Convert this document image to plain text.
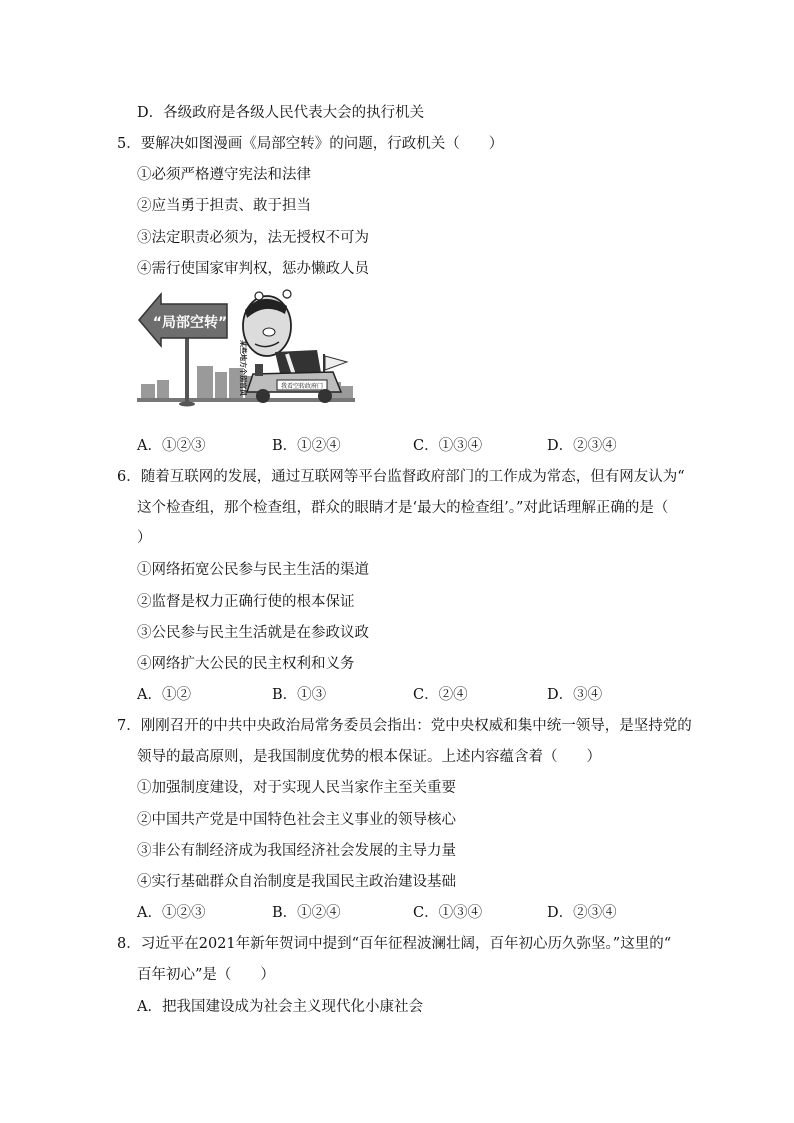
D．各级政府是各级人民代表大会的执行机关
5．要解决如图漫画《局部空转》的问题，行政机关（　　）
①必须严格遵守宪法和法律
②应当勇于担责、敢于担当
③法定职责必须为，法无授权不可为
④需行使国家审判权，惩办懒政人员
“局部空转”
某些地方个别官员	我看空转政府门
A．①②③	B．①②④	C．①③④	D．②③④
6．随着互联网的发展，通过互联网等平台监督政府部门的工作成为常态，但有网友认为“
这个检查组，那个检查组，群众的眼睛才是‘最大的检查组’。”对此话理解正确的是（
）
①网络拓宽公民参与民主生活的渠道
②监督是权力正确行使的根本保证
③公民参与民主生活就是在参政议政
④网络扩大公民的民主权利和义务
A．①②	B．①③	C．②④	D．③④
7．刚刚召开的中共中央政治局常务委员会指出：党中央权威和集中统一领导，是坚持党的
领导的最高原则，是我国制度优势的根本保证。上述内容蕴含着（　　）
①加强制度建设，对于实现人民当家作主至关重要
②中国共产党是中国特色社会主义事业的领导核心
③非公有制经济成为我国经济社会发展的主导力量
④实行基础群众自治制度是我国民主政治建设基础
A．①②③	B．①②④	C．①③④	D．②③④
8．习近平在2021年新年贺词中提到“百年征程波澜壮阔，百年初心历久弥坚。”这里的“
百年初心”是（　　）
A．把我国建设成为社会主义现代化小康社会
